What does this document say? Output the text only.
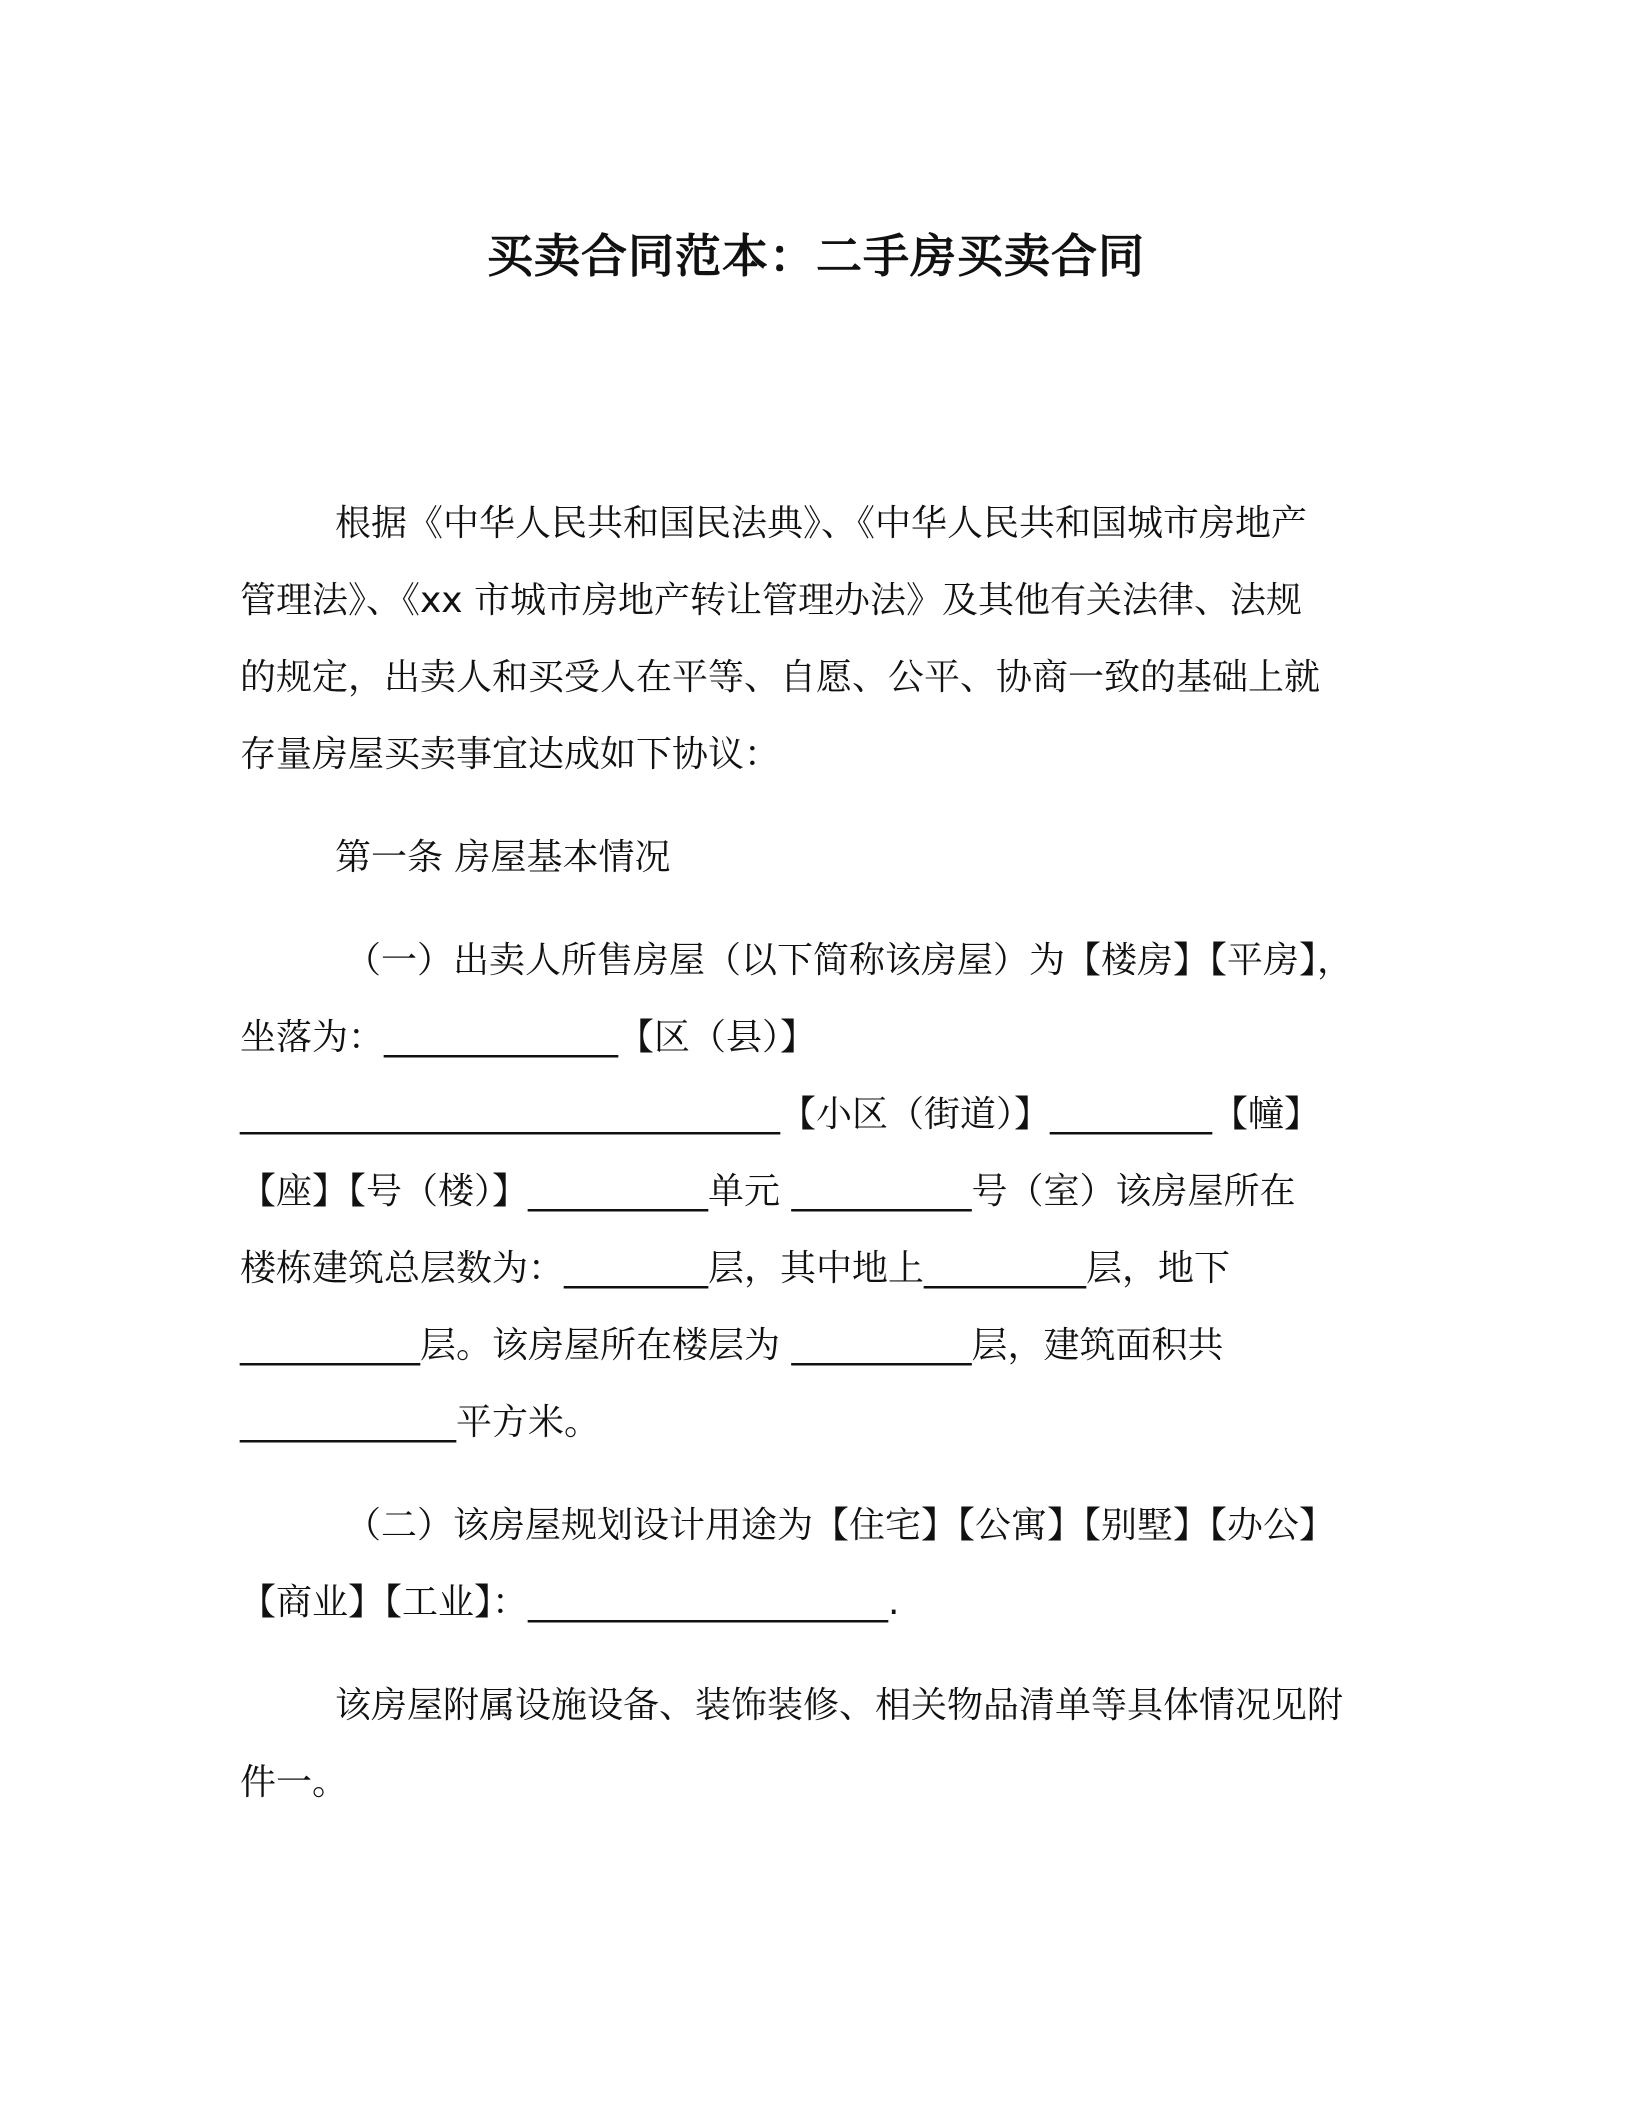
买卖合同范本：二手房买卖合同
根据《中华人民共和国民法典》、《中华人民共和国城市房地产
管理法》、《xx 市城市房地产转让管理办法》及其他有关法律、法规
的规定，出卖人和买受人在平等、自愿、公平、协商一致的基础上就
存量房屋买卖事宜达成如下协议：
第一条 房屋基本情况
（一）出卖人所售房屋（以下简称该房屋）为【楼房】【平房】，
坐落为：_____________【区（县）】
______________________________【小区（街道）】_________【幢】
【座】【号（楼）】__________单元 __________号（室）该房屋所在
楼栋建筑总层数为：________层，其中地上_________层，地下
__________层。该房屋所在楼层为 __________层，建筑面积共
____________平方米。
（二）该房屋规划设计用途为【住宅】【公寓】【别墅】【办公】
【商业】【工业】：____________________.
该房屋附属设施设备、装饰装修、相关物品清单等具体情况见附
件一。
